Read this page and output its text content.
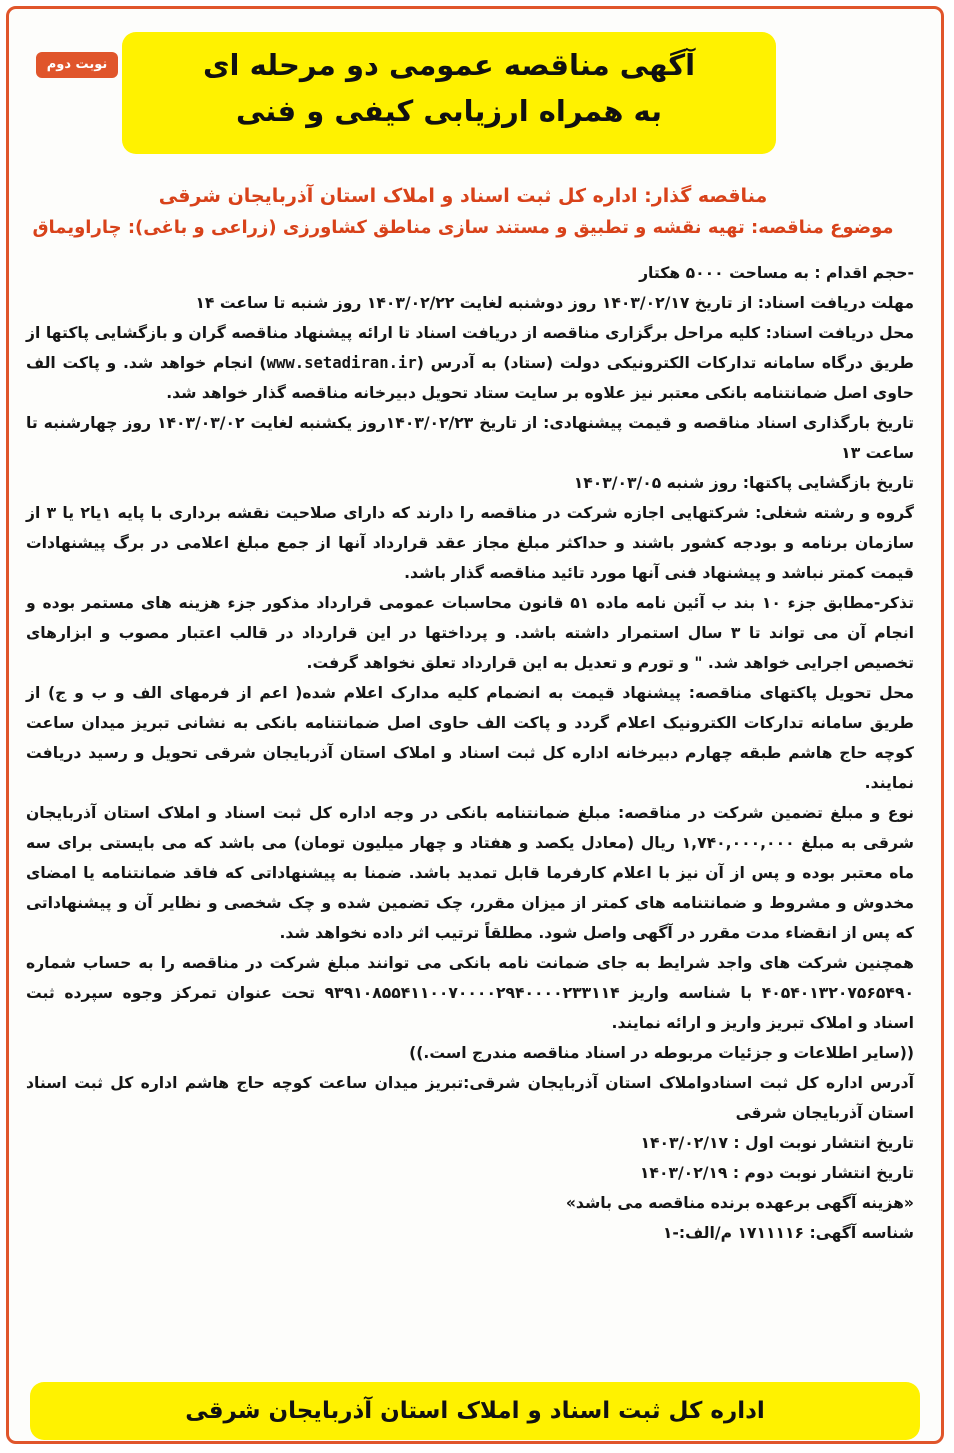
نوبت دوم	آگهی مناقصه عمومی دو مرحله ای
به همراه ارزیابی کیفی و فنی
مناقصه گذار: اداره کل ثبت اسناد و املاک استان آذربایجان شرقی
موضوع مناقصه: تهیه نقشه و تطبیق و مستند سازی مناطق کشاورزی (زراعی و باغی): چاراویماق

-حجم اقدام : به مساحت ۵۰۰۰ هکتار

مهلت دریافت اسناد: از تاریخ ۱۴۰۳/۰۲/۱۷ روز دوشنبه لغایت ۱۴۰۳/۰۲/۲۲ روز شنبه تا ساعت ۱۴

محل دریافت اسناد: کلیه مراحل برگزاری مناقصه از دریافت اسناد تا ارائه پیشنهاد مناقصه گران و بازگشایی پاکتها از طریق درگاه سامانه تدارکات الکترونیکی دولت (ستاد) به آدرس (www.setadiran.ir) انجام خواهد شد. و پاکت الف حاوی اصل ضمانتنامه بانکی معتبر نیز علاوه بر سایت ستاد تحویل دبیرخانه مناقصه گذار خواهد شد.

تاریخ بارگذاری اسناد مناقصه و قیمت پیشنهادی: از تاریخ ۱۴۰۳/۰۲/۲۳روز یکشنبه لغایت ۱۴۰۳/۰۳/۰۲ روز چهارشنبه تا ساعت ۱۳

تاریخ بازگشایی پاکتها: روز شنبه ۱۴۰۳/۰۳/۰۵

گروه و رشته شغلی: شرکتهایی اجازه شرکت در مناقصه را دارند که دارای صلاحیت نقشه برداری با پایه ۱یا۲ یا ۳ از سازمان برنامه و بودجه کشور باشند و حداکثر مبلغ مجاز عقد قرارداد آنها از جمع مبلغ اعلامی در برگ پیشنهادات قیمت کمتر نباشد و پیشنهاد فنی آنها مورد تائید مناقصه گذار باشد.

تذکر-مطابق جزء ۱۰ بند ب آئین نامه ماده ۵۱ قانون محاسبات عمومی قرارداد مذکور جزء هزینه های مستمر بوده و انجام آن می تواند تا ۳ سال استمرار داشته باشد. و پرداختها در این قرارداد در قالب اعتبار مصوب و ابزارهای تخصیص اجرایی خواهد شد. " و تورم و تعدیل به این قرارداد تعلق نخواهد گرفت.

محل تحویل پاکتهای مناقصه: پیشنهاد قیمت به انضمام کلیه مدارک اعلام شده( اعم از فرمهای الف و ب و ج) از طریق سامانه تدارکات الکترونیک اعلام گردد و پاکت الف حاوی اصل ضمانتنامه بانکی به نشانی تبریز میدان ساعت کوچه حاج هاشم طبقه چهارم دبیرخانه اداره کل ثبت اسناد و املاک استان آذربایجان شرقی تحویل و رسید دریافت نمایند.

نوع و مبلغ تضمین شرکت در مناقصه: مبلغ ضمانتنامه بانکی در وجه اداره کل ثبت اسناد و املاک استان آذربایجان شرقی به مبلغ ۱,۷۴۰,۰۰۰,۰۰۰ ریال (معادل یکصد و هفتاد و چهار میلیون تومان) می باشد که می بایستی برای سه ماه معتبر بوده و پس از آن نیز با اعلام کارفرما قابل تمدید باشد. ضمنا به پیشنهاداتی که فاقد ضمانتنامه یا امضای مخدوش و مشروط و ضمانتنامه های کمتر از میزان مقرر، چک تضمین شده و چک شخصی و نظایر آن و پیشنهاداتی که پس از انقضاء مدت مقرر در آگهی واصل شود. مطلقاً ترتیب اثر داده نخواهد شد.

همچنین شرکت های واجد شرایط به جای ضمانت نامه بانکی می توانند مبلغ شرکت در مناقصه را به حساب شماره ۴۰۵۴۰۱۳۲۰۷۵۶۵۴۹۰ با شناسه واریز ۹۳۹۱۰۸۵۵۴۱۱۰۰۷۰۰۰۰۲۹۴۰۰۰۰۲۳۳۱۱۴ تحت عنوان تمرکز وجوه سپرده ثبت اسناد و املاک تبریز واریز و ارائه نمایند.

((سایر اطلاعات و جزئیات مربوطه در اسناد مناقصه مندرج است.))

آدرس اداره کل ثبت اسنادواملاک استان آذربایجان شرقی:تبریز میدان ساعت کوچه حاج هاشم اداره کل ثبت اسناد استان آذربایجان شرقی

تاریخ انتشار نوبت اول : ۱۴۰۳/۰۲/۱۷

تاریخ انتشار نوبت دوم : ۱۴۰۳/۰۲/۱۹

«هزینه آگهی برعهده برنده مناقصه می باشد»

شناسه آگهی: ۱۷۱۱۱۱۶ م/الف:-۱

اداره کل ثبت اسناد و املاک استان آذربایجان شرقی
